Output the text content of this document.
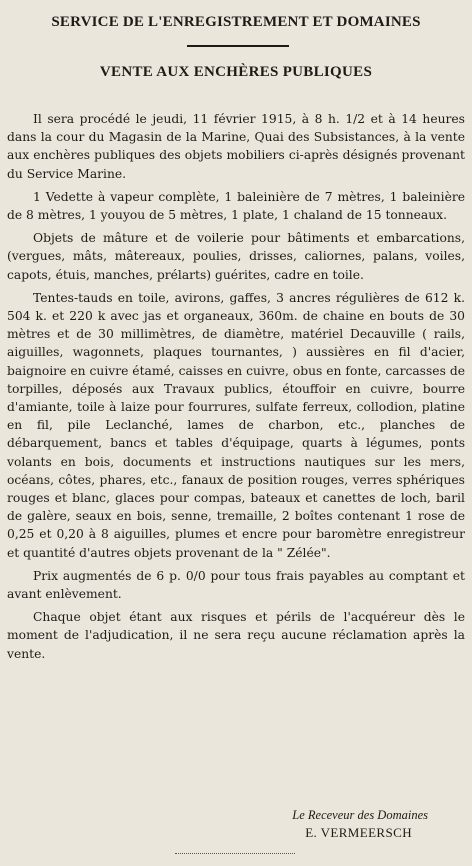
SERVICE DE L'ENREGISTREMENT ET DOMAINES
VENTE AUX ENCHÈRES PUBLIQUES

Il sera procédé le jeudi, 11 février 1915, à 8 h. 1/2 et à 14 heures dans la cour du Magasin de la Marine, Quai des Subsistances, à la vente aux enchères publiques des objets mobiliers ci-après désignés provenant du Service Marine.

1 Vedette à vapeur complète, 1 baleinière de 7 mètres, 1 baleinière de 8 mètres, 1 youyou de 5 mètres, 1 plate, 1 chaland de 15 tonneaux.

Objets de mâture et de voilerie pour bâtiments et embarcations, (vergues, mâts, mâtereaux, poulies, drisses, caliornes, palans, voiles, capots, étuis, manches, prélarts) guérites, cadre en toile.

Tentes-tauds en toile, avirons, gaffes, 3 ancres régulières de 612 k. 504 k. et 220 k avec jas et organeaux, 360m. de chaine en bouts de 30 mètres et de 30 millimètres, de diamètre, matériel Decauville ( rails, aiguilles, wagonnets, plaques tournantes, ) aussières en fil d'acier, baignoire en cuivre étamé, caisses en cuivre, obus en fonte, carcasses de torpilles, déposés aux Travaux publics, étouffoir en cuivre, bourre d'amiante, toile à laize pour fourrures, sulfate ferreux, collodion, platine en fil, pile Leclanché, lames de charbon, etc., planches de débarquement, bancs et tables d'équipage, quarts à légumes, ponts volants en bois, documents et instructions nautiques sur les mers, océans, côtes, phares, etc., fanaux de position rouges, verres sphériques rouges et blanc, glaces pour compas, bateaux et canettes de loch, baril de galère, seaux en bois, senne, tremaille, 2 boîtes contenant 1 rose de 0,25 et 0,20 à 8 aiguilles, plumes et encre pour baromètre enregistreur et quantité d'autres objets provenant de la " Zélée".

Prix augmentés de 6 p. 0/0 pour tous frais payables au comptant et avant enlèvement.

Chaque objet étant aux risques et périls de l'acquéreur dès le moment de l'adjudication, il ne sera reçu aucune réclamation après la vente.

Le Receveur des Domaines
E. VERMEERSCH
